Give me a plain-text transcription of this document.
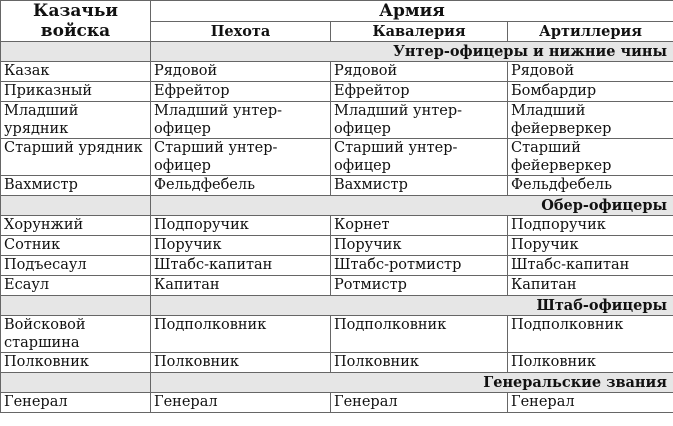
Казачьи войска	Армия		
	Пехота	Кавалерия	Артиллерия
	Унтер-офицеры и нижние чины		
Казак	Рядовой	Рядовой	Рядовой
Приказный	Ефрейтор	Ефрейтор	Бомбардир
Младший урядник	Младший унтер-офицер	Младший унтер-офицер	Младший фейерверкер
Старший урядник	Старший унтер-офицер	Старший унтер-офицер	Старший фейерверкер
Вахмистр	Фельдфебель	Вахмистр	Фельдфебель
	Обер-офицеры		
Хорунжий	Подпоручик	Корнет	Подпоручик
Сотник	Поручик	Поручик	Поручик
Подъесаул	Штабс-капитан	Штабс-ротмистр	Штабс-капитан
Есаул	Капитан	Ротмистр	Капитан
	Штаб-офицеры		
Войсковой старшина	Подполковник	Подполковник	Подполковник
Полковник	Полковник	Полковник	Полковник
	Генеральские звания		
Генерал	Генерал	Генерал	Генерал
